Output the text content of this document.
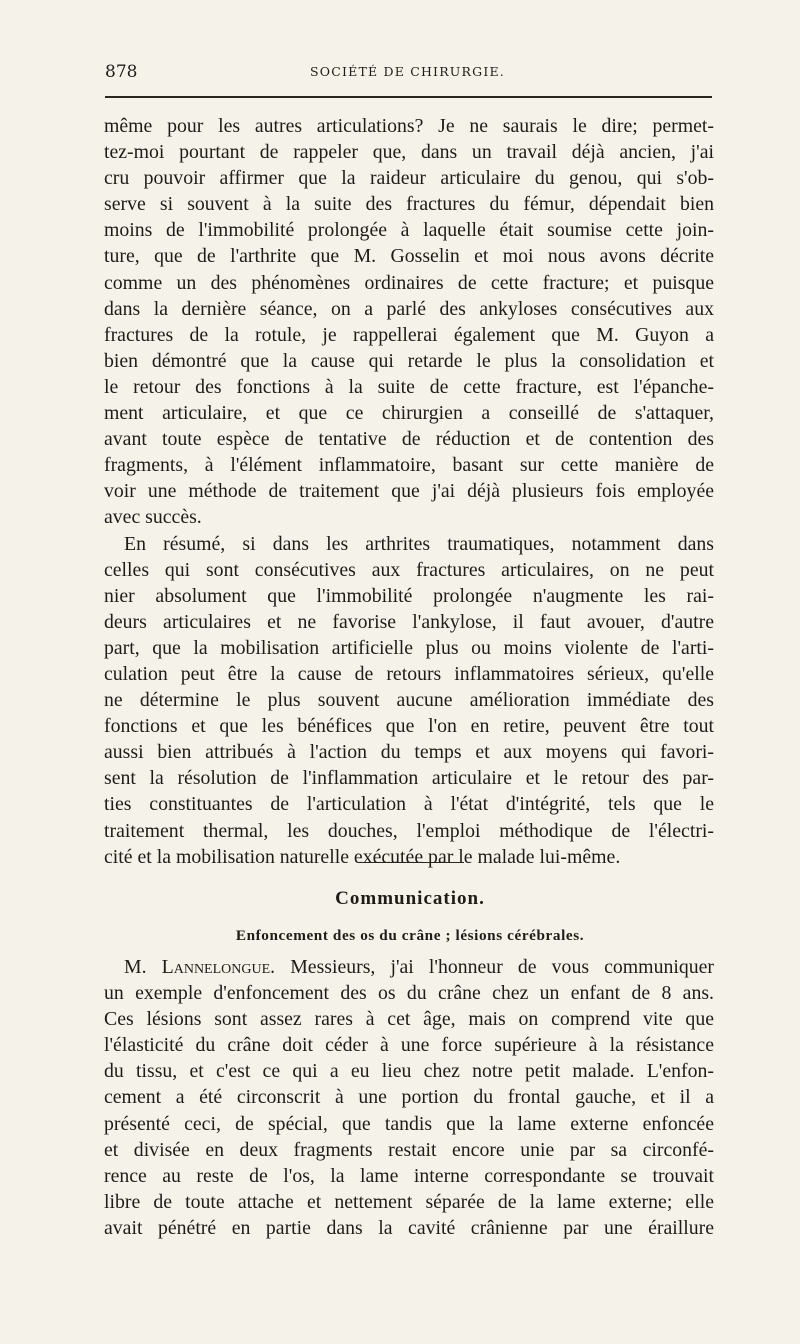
878	SOCIÉTÉ DE CHIRURGIE.

même pour les autres articulations? Je ne saurais le dire; permet-
tez-moi pourtant de rappeler que, dans un travail déjà ancien, j'ai
cru pouvoir affirmer que la raideur articulaire du genou, qui s'ob-
serve si souvent à la suite des fractures du fémur, dépendait bien
moins de l'immobilité prolongée à laquelle était soumise cette join-
ture, que de l'arthrite que M. Gosselin et moi nous avons décrite
comme un des phénomènes ordinaires de cette fracture; et puisque
dans la dernière séance, on a parlé des ankyloses consécutives aux
fractures de la rotule, je rappellerai également que M. Guyon a
bien démontré que la cause qui retarde le plus la consolidation et
le retour des fonctions à la suite de cette fracture, est l'épanche-
ment articulaire, et que ce chirurgien a conseillé de s'attaquer,
avant toute espèce de tentative de réduction et de contention des
fragments, à l'élément inflammatoire, basant sur cette manière de
voir une méthode de traitement que j'ai déjà plusieurs fois employée
avec succès.

En résumé, si dans les arthrites traumatiques, notamment dans
celles qui sont consécutives aux fractures articulaires, on ne peut
nier absolument que l'immobilité prolongée n'augmente les rai-
deurs articulaires et ne favorise l'ankylose, il faut avouer, d'autre
part, que la mobilisation artificielle plus ou moins violente de l'arti-
culation peut être la cause de retours inflammatoires sérieux, qu'elle
ne détermine le plus souvent aucune amélioration immédiate des
fonctions et que les bénéfices que l'on en retire, peuvent être tout
aussi bien attribués à l'action du temps et aux moyens qui favori-
sent la résolution de l'inflammation articulaire et le retour des par-
ties constituantes de l'articulation à l'état d'intégrité, tels que le
traitement thermal, les douches, l'emploi méthodique de l'électri-
cité et la mobilisation naturelle exécutée par le malade lui-même.

Communication.
Enfoncement des os du crâne ; lésions cérébrales.
M. Lannelongue. Messieurs, j'ai l'honneur de vous communiquer
un exemple d'enfoncement des os du crâne chez un enfant de 8 ans.
Ces lésions sont assez rares à cet âge, mais on comprend vite que
l'élasticité du crâne doit céder à une force supérieure à la résistance
du tissu, et c'est ce qui a eu lieu chez notre petit malade. L'enfon-
cement a été circonscrit à une portion du frontal gauche, et il a
présenté ceci, de spécial, que tandis que la lame externe enfoncée
et divisée en deux fragments restait encore unie par sa circonfé-
rence au reste de l'os, la lame interne correspondante se trouvait
libre de toute attache et nettement séparée de la lame externe; elle
avait pénétré en partie dans la cavité crânienne par une éraillure
